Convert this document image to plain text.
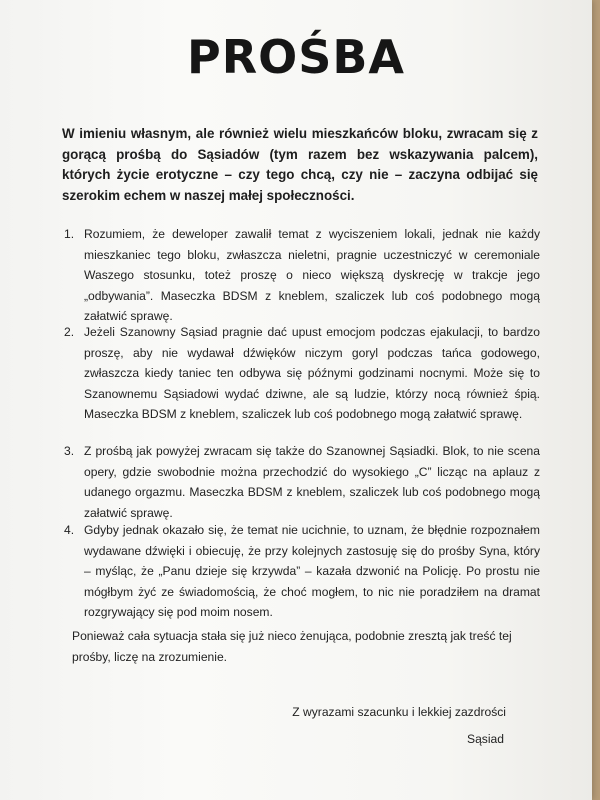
PROŚBA

W imieniu własnym, ale również wielu mieszkańców bloku, zwracam się z gorącą prośbą do Sąsiadów (tym razem bez wskazywania palcem), których życie erotyczne – czy tego chcą, czy nie – zaczyna odbijać się szerokim echem w naszej małej społeczności.

1. Rozumiem, że deweloper zawalił temat z wyciszeniem lokali, jednak nie każdy mieszkaniec tego bloku, zwłaszcza nieletni, pragnie uczestniczyć w ceremoniale Waszego stosunku, toteż proszę o nieco większą dyskrecję w trakcje jego „odbywania”. Maseczka BDSM z kneblem, szaliczek lub coś podobnego mogą załatwić sprawę.
2. Jeżeli Szanowny Sąsiad pragnie dać upust emocjom podczas ejakulacji, to bardzo proszę, aby nie wydawał dźwięków niczym goryl podczas tańca godowego, zwłaszcza kiedy taniec ten odbywa się późnymi godzinami nocnymi. Może się to Szanownemu Sąsiadowi wydać dziwne, ale są ludzie, którzy nocą również śpią. Maseczka BDSM z kneblem, szaliczek lub coś podobnego mogą załatwić sprawę.
3. Z prośbą jak powyżej zwracam się także do Szanownej Sąsiadki. Blok, to nie scena opery, gdzie swobodnie można przechodzić do wysokiego „C” licząc na aplauz z udanego orgazmu. Maseczka BDSM z kneblem, szaliczek lub coś podobnego mogą załatwić sprawę.
4. Gdyby jednak okazało się, że temat nie ucichnie, to uznam, że błędnie rozpoznałem wydawane dźwięki i obiecuję, że przy kolejnych zastosuję się do prośby Syna, który – myśląc, że „Panu dzieje się krzywda” – kazała dzwonić na Policję. Po prostu nie mógłbym żyć ze świadomością, że choć mogłem, to nic nie poradziłem na dramat rozgrywający się pod moim nosem.

Ponieważ cała sytuacja stała się już nieco żenująca, podobnie zresztą jak treść tej prośby, liczę na zrozumienie.

Z wyrazami szacunku i lekkiej zazdrości
Sąsiad
